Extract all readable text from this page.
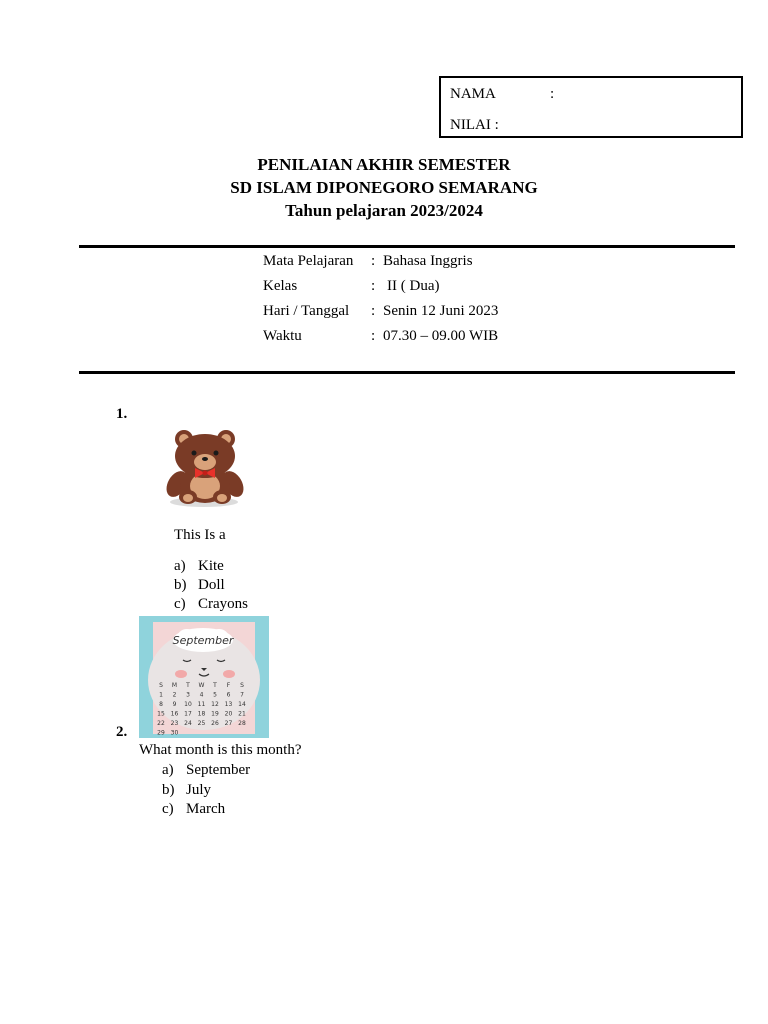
NAMA	:
NILAI :
PENILAIAN AKHIR SEMESTER
SD ISLAM DIPONEGORO SEMARANG
Tahun pelajaran 2023/2024
Mata Pelajaran : Bahasa Inggris
Kelas	: II ( Dua)
Hari / Tanggal : Senin 12 Juni 2023
Waktu	: 07.30 – 09.00 WIB
1.
This Is a
a) Kite
b) Doll
c) Crayons
September
S M T W T F S
1 2 3 4 5 6 7
8 9 10 11 12 13 14
15 16 17 18 19 20 21
22 23 24 25 26 27 28
29 30
2.
What month is this month?
a) September
b) July
c) March
